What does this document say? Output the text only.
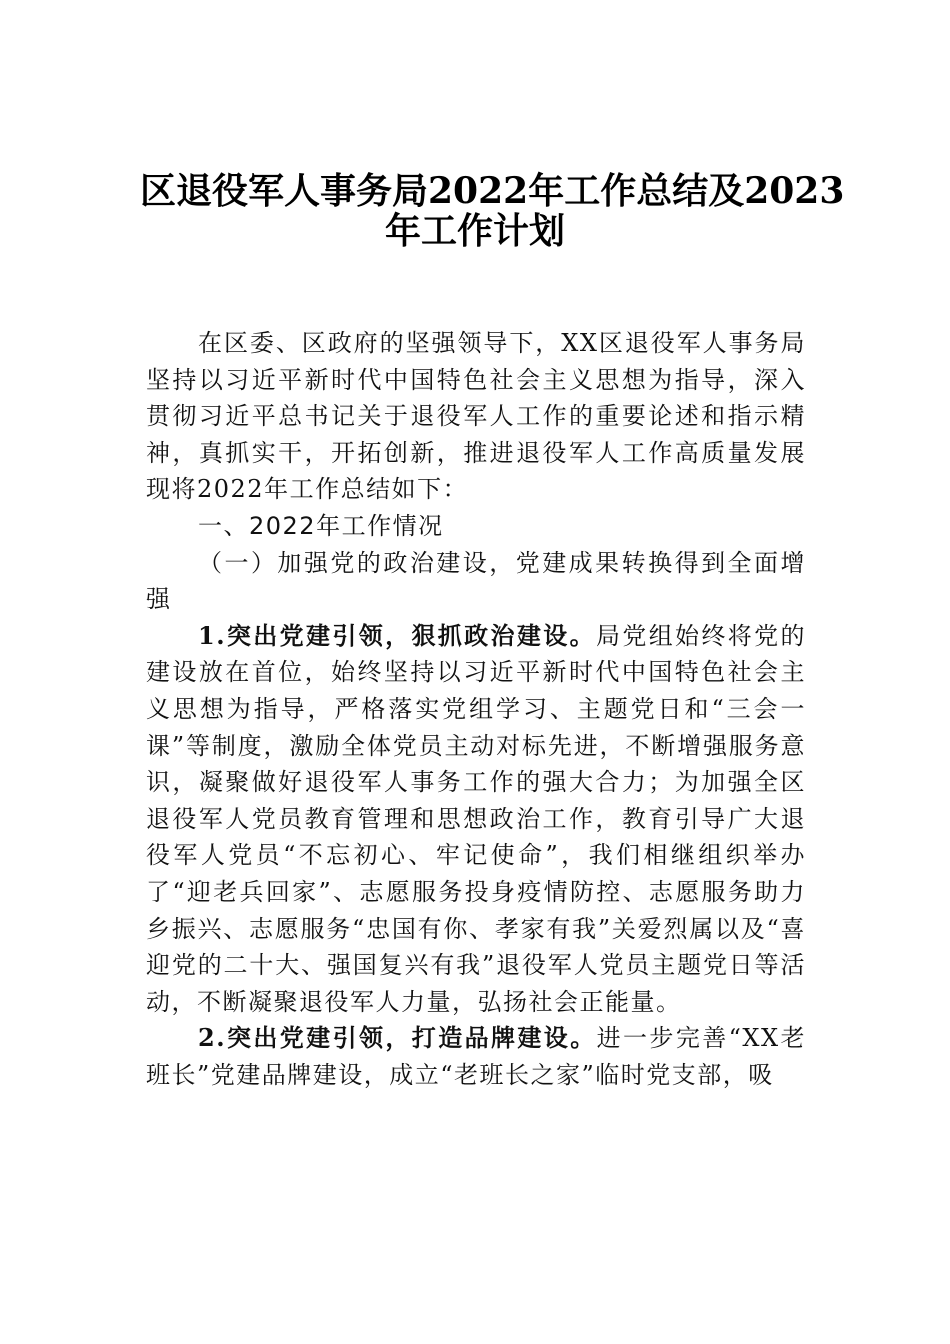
区退役军人事务局2022年工作总结及2023
年工作计划

在区委、区政府的坚强领导下，XX区退役军人事务局坚持以习近平新时代中国特色社会主义思想为指导，深入贯彻习近平总书记关于退役军人工作的重要论述和指示精神，真抓实干，开拓创新，推进退役军人工作高质量发展现将2022年工作总结如下：

一、2022年工作情况

（一）加强党的政治建设，党建成果转换得到全面增强

1.突出党建引领，狠抓政治建设。局党组始终将党的建设放在首位，始终坚持以习近平新时代中国特色社会主义思想为指导，严格落实党组学习、主题党日和“三会一课”等制度，激励全体党员主动对标先进，不断增强服务意识，凝聚做好退役军人事务工作的强大合力；为加强全区退役军人党员教育管理和思想政治工作，教育引导广大退役军人党员“不忘初心、牢记使命”，我们相继组织举办了“迎老兵回家”、志愿服务投身疫情防控、志愿服务助力乡振兴、志愿服务“忠国有你、孝家有我”关爱烈属以及“喜迎党的二十大、强国复兴有我”退役军人党员主题党日等活动，不断凝聚退役军人力量，弘扬社会正能量。

2.突出党建引领，打造品牌建设。进一步完善“XX老班长”党建品牌建设，成立“老班长之家”临时党支部，吸
